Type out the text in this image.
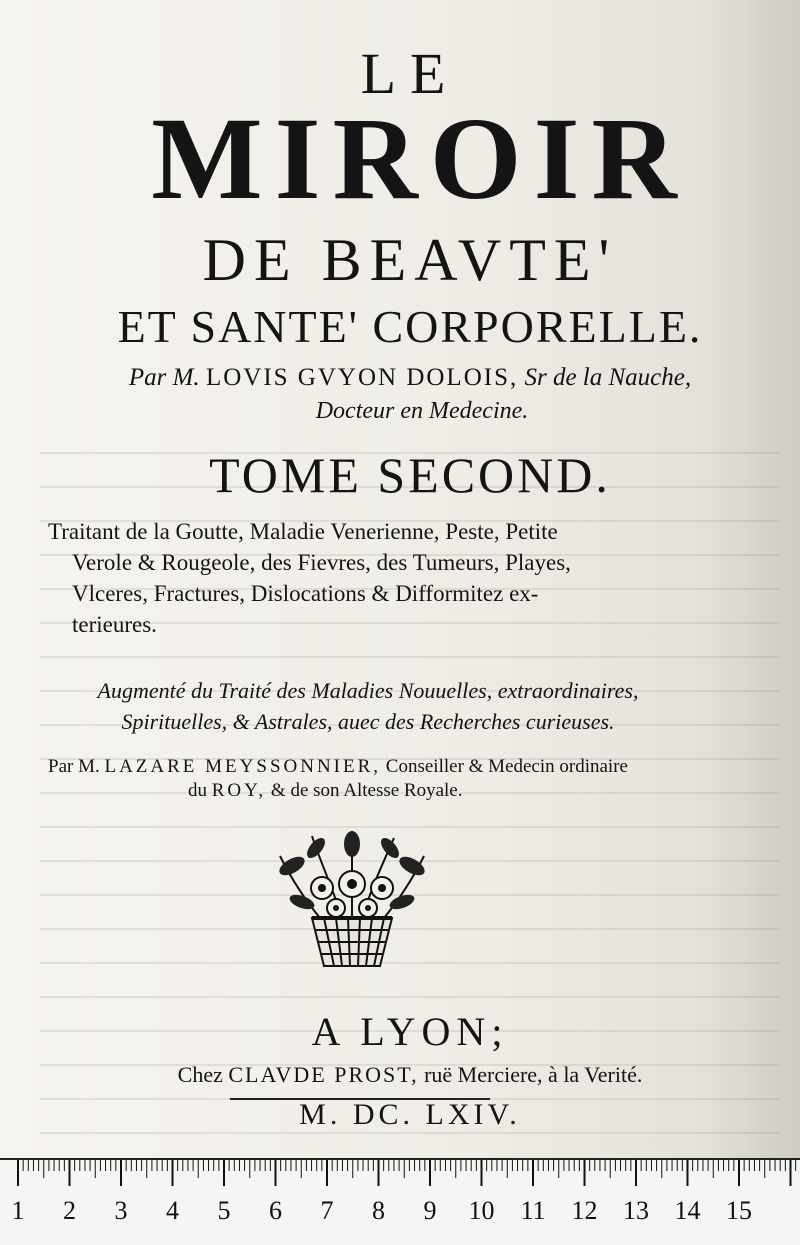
LE
MIROIR
DE BEAVTE'
ET SANTE' CORPORELLE.
Par M. LOVIS GVYON DOLOIS, Sr de la Nauche,
Docteur en Medecine.
TOME SECOND.
Traitant de la Goutte, Maladie Venerienne, Peste, Petite
Verole & Rougeole, des Fievres, des Tumeurs, Playes,
Vlceres, Fractures, Dislocations & Difformitez ex-
terieures.
Augmenté du Traité des Maladies Nouuelles, extraordinaires,
Spirituelles, & Astrales, auec des Recherches curieuses.
Par M. LAZARE MEYSSONNIER, Conseiller & Medecin ordinaire
du ROY, & de son Altesse Royale.
A LYON;
Chez CLAVDE PROST, ruë Merciere, à la Verité.
M. DC. LXIV.
1 2 3 4 5 6 7 8 9 10 11 12 13 14 15
